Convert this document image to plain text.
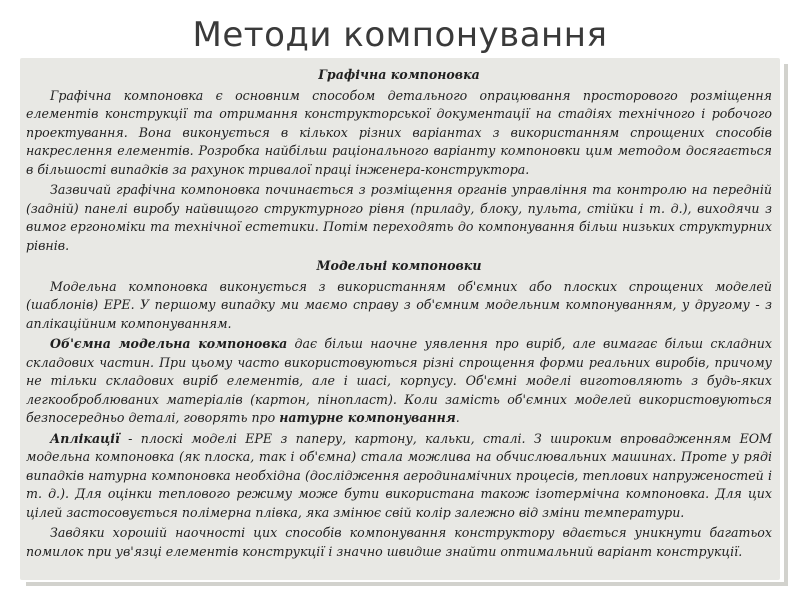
Методи компонування
Графічна компоновка

Графічна компоновка є основним способом детального опрацювання просторового розміщення елементів конструкції та отримання конструкторської документації на стадіях технічного і робочого проектування. Вона виконується в кількох різних варіантах з використанням спрощених способів накреслення елементів. Розробка найбільш раціонального варіанту компоновки цим методом досягається в більшості випадків за рахунок тривалої праці інженера-конструктора.

Зазвичай графічна компоновка починається з розміщення органів управління та контролю на передній (задній) панелі виробу найвищого структурного рівня (приладу, блоку, пульта, стійки і т. д.), виходячи з вимог ергономіки та технічної естетики. Потім переходять до компонування більш низьких структурних рівнів.

Модельні компоновки

Модельна компоновка виконується з використанням об'ємних або плоских спрощених моделей (шаблонів) ЕРЕ. У першому випадку ми маємо справу з об'ємним модельним компонуванням, у другому - з аплікаційним компонуванням.

Об'ємна модельна компоновка дає більш наочне уявлення про виріб, але вимагає більш складних складових частин. При цьому часто використовуються різні спрощення форми реальних виробів, причому не тільки складових виріб елементів, але і шасі, корпусу. Об'ємні моделі виготовляють з будь-яких легкооброблюваних матеріалів (картон, пінопласт). Коли замість об'ємних моделей використовуються безпосередньо деталі, говорять про натурне компонування.

Аплікації - плоскі моделі ЕРЕ з паперу, картону, кальки, сталі. З широким впровадженням ЕОМ модельна компоновка (як плоска, так і об'ємна) стала можлива на обчислювальних машинах. Проте у ряді випадків натурна компоновка необхідна (дослідження аеродинамічних процесів, теплових напруженостей і т. д.). Для оцінки теплового режиму може бути використана також ізотермічна компоновка. Для цих цілей застосовується полімерна плівка, яка змінює свій колір залежно від зміни температури.

Завдяки хорошій наочності цих способів компонування конструктору вдається уникнути багатьох помилок при ув'язці елементів конструкції і значно швидше знайти оптимальний варіант конструкції.
